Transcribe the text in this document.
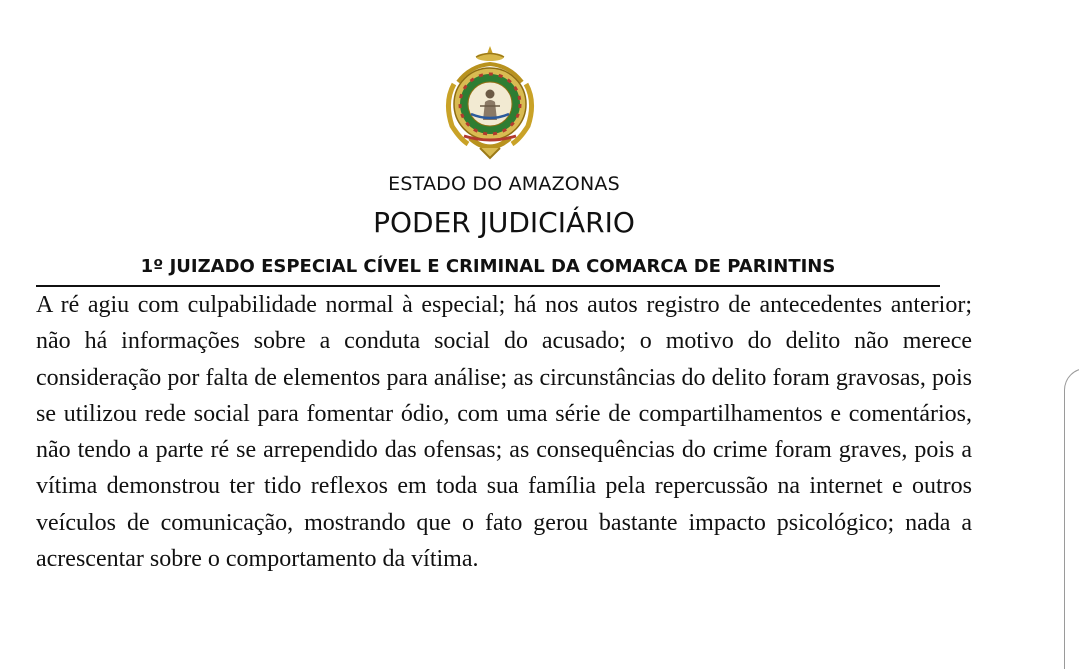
ESTADO DO AMAZONAS
PODER JUDICIÁRIO
1º JUIZADO ESPECIAL CÍVEL E CRIMINAL DA COMARCA DE PARINTINS

A ré agiu com culpabilidade normal à especial; há nos autos registro de antecedentes anterior; não há informações sobre a conduta social do acusado; o motivo do delito não merece consideração por falta de elementos para análise; as circunstâncias do delito foram gravosas, pois se utilizou rede social para fomentar ódio, com uma série de compartilhamentos e comentários, não tendo a parte ré se arrependido das ofensas; as consequências do crime foram graves, pois a vítima demonstrou ter tido reflexos em toda sua família pela repercussão na internet e outros veículos de comunicação, mostrando que o fato gerou bastante impacto psicológico; nada a acrescentar sobre o comportamento da vítima.
